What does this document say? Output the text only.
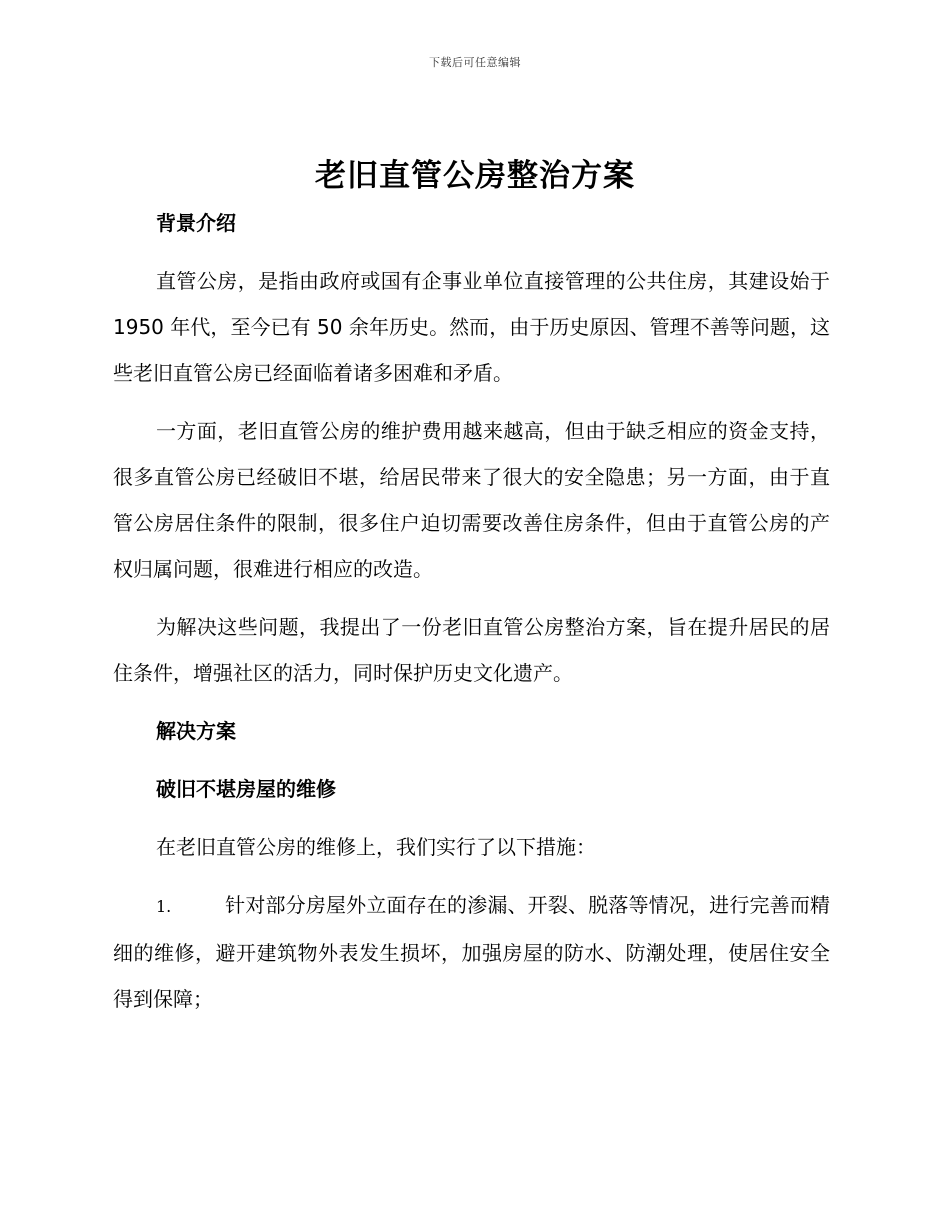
下载后可任意编辑
老旧直管公房整治方案
背景介绍
直管公房，是指由政府或国有企事业单位直接管理的公共住房，其建设始于 1950 年代，至今已有 50 余年历史。然而，由于历史原因、管理不善等问题，这些老旧直管公房已经面临着诸多困难和矛盾。
一方面，老旧直管公房的维护费用越来越高，但由于缺乏相应的资金支持，很多直管公房已经破旧不堪，给居民带来了很大的安全隐患；另一方面，由于直管公房居住条件的限制，很多住户迫切需要改善住房条件，但由于直管公房的产权归属问题，很难进行相应的改造。
为解决这些问题，我提出了一份老旧直管公房整治方案，旨在提升居民的居住条件，增强社区的活力，同时保护历史文化遗产。
解决方案
破旧不堪房屋的维修
在老旧直管公房的维修上，我们实行了以下措施：
1.	针对部分房屋外立面存在的渗漏、开裂、脱落等情况，进行完善而精细的维修，避开建筑物外表发生损坏，加强房屋的防水、防潮处理，使居住安全得到保障；
